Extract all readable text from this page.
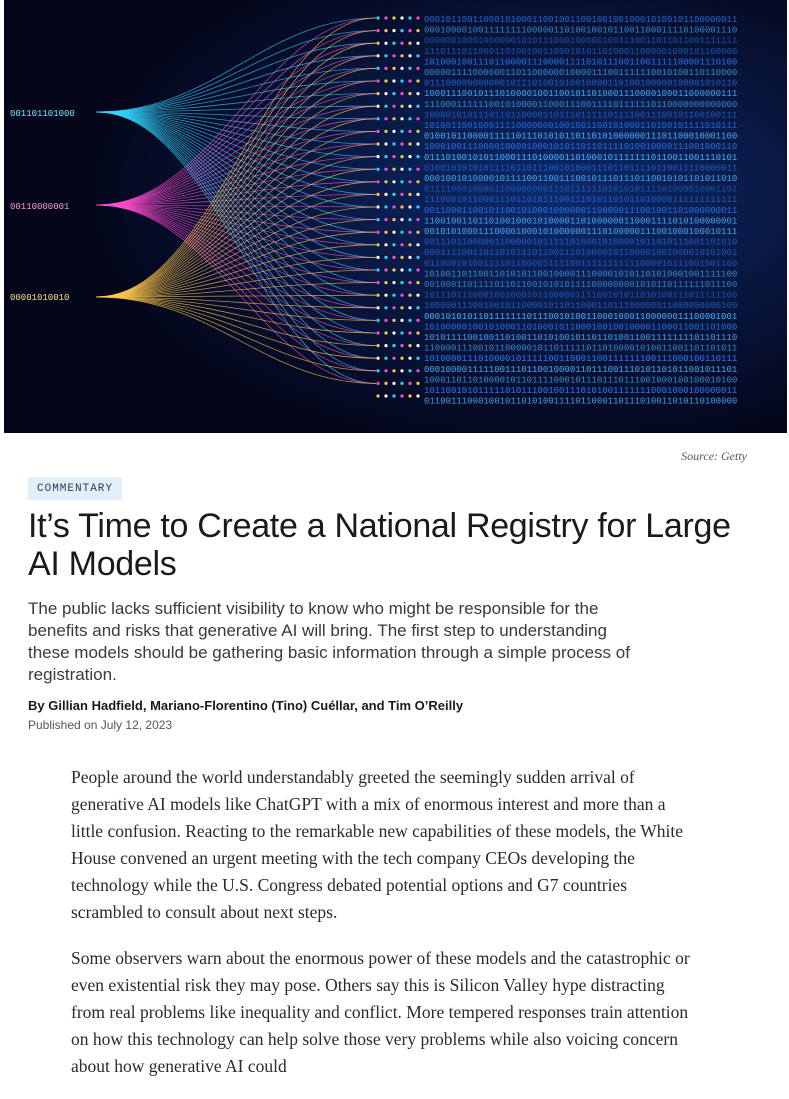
0001011001100010100011001001100100100100010100101100000011
0001000010011111111000001101001001011001100011110100001110
0000001000100000010101110001000001001110011011011001111111
1110111011000110100100110001010110100011000001000101100000
1010001001110110000111000011110101110011001111100001110100
0000011110000001101100000010000111001111110010100110110000
0111000000000001011101001010010000110100100000100001010110
1000111001011101000010011001011010001110000100011000000111
1110001111110010100001100011100111101111110110000000000000
1000010101110110110000110111011111011110011100101100100111
1010011001000111100000001001001100101000110100101111010111
0100101100001111101110101011011010100000011101100010001100
1000100111000010000100010101101101111010010000111001000110
0111010010101100011101000011010001011111110110011001110101
0100101010101111011011100101000111011011110110011110000011
0001001010000101111001100111001011101110110010101101011010
0111100010000110000000011101111110101010111101000010001101
1110001011000111011010111001110101101011010000111111111111
0011000110010110010100010000001100000111001001101000000011
1100100110110100100010100001101000000110001111010100000001
0010101000111000010001010000001110100000111001000100010111
0011101100000110000010111110100010100001011010111001101010
0001111001101101011101100111010000101100001001000010101001
0110001010011110110000111110011111111111000010111001001100
1010011011001101010110010000111000010101101010001001111100
0010001101111011011001010101111000000001010110111111011100
1011101110001001000101100000111100101011010100111011111100
1000001110010010110000101101100011011100000011000000000100
0001010101101111111011100101001100010001100000011100001001
1010000010010100011010001011000100100100001100011001101000
1010111100100110100110101001011011010011001111111101101110
1100001110010110000010110111110110100001010011001101101011
1010000111010000101111100110001100111111100111000100110111
0001000011111001110110010000110111001110101101011001011101
1000110110100001011011110001011101110111001000100100010100
1011001010111110101110010011101010011111110001000100000011
0110011100010010110101001111011000110111010011010110100000
001101101000
00110000001
00001010010
Source: Getty
COMMENTARY
It’s Time to Create a National Registry for Large AI Models

The public lacks sufficient visibility to know who might be responsible for the benefits and risks that generative AI will bring. The first step to understanding these models should be gathering basic information through a simple process of registration.

By Gillian Hadfield, Mariano-Florentino (Tino) Cuéllar, and Tim O’Reilly
Published on July 12, 2023

People around the world understandably greeted the seemingly sudden arrival of generative AI models like ChatGPT with a mix of enormous interest and more than a little confusion. Reacting to the remarkable new capabilities of these models, the White House convened an urgent meeting with the tech company CEOs developing the technology while the U.S. Congress debated potential options and G7 countries scrambled to consult about next steps.

Some observers warn about the enormous power of these models and the catastrophic or even existential risk they may pose. Others say this is Silicon Valley hype distracting from real problems like inequality and conflict. More tempered responses train attention on how this technology can help solve those very problems while also voicing concern about how generative AI could
